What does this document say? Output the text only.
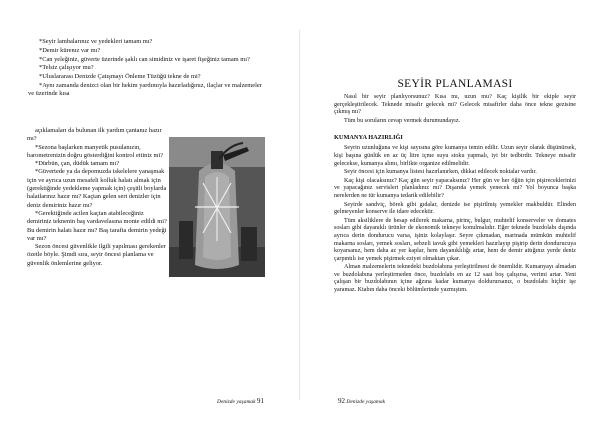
*Seyir lambalarınız ve yedekleri tamam mı?

*Demir kürenız var mı?

*Can yeleğiniz, güverte üzerinde şaklı can simidiniz ve işaret fişeğiniz tamam mı?

*Telsiz çalışıyor mu?

*Uluslararası Denizde Çatışmayı Önleme Tüzüğü tekne de mi?

*Aynı zamanda denizci olan bir hekim yardımıyla hazırladığınız, ilaçlar ve malzemeler ve üzerinde kısa

açıklamaları da bulunan ilk yardım çantanız hazır mı?

*Sezona başlarken manyetik pusulanızın, barometrenizin doğru gösterdiğini kontrol ettiniz mi?

*Dürbün, çan, düdük tamam mı?

*Güvertede ya da depomuzda iskelelere yanaşmak için ve ayrıca uzun mesafeli kolluk halatı almak için (gerektiğinde yedekleme yapmak için) çeşitli boylarda halatlarınız hazır mı? Kaçtan gelen sert denizler için deniz demiriniz hazır mı?

*Gerektiğinde acilen kaçtan atabileceğiniz demiriniz teknenin baş vardavelasına monte edildi mi? Bu demirin halatı hazır mı? Baş tarafta demirin yedeği var mı?

Sezon öncesi güvenlikle ilgili yapılması gerekenler özetle böyle. Şimdi sıra, seyir öncesi planlama ve güvenlik önlemlerine geliyor.

Denizde yaşamak 91
SEYİR PLANLAMASI

Nasıl bir seyir planlıyorsunuz? Kısa mı, uzun mu? Kaç kişilik bir ekiple seyir gerçekleştirilecek. Teknede misafir gelecek mi? Gelecek misafirler daha önce tekne gezisine çıkmış mı?

Tüm bu soruların cevap vermek durumundayız.

KUMANYA HAZIRLIĞI

Seyrin uzunluğuna ve kişi sayısına göre kumanya temin edilir. Uzun seyir olarak düşünürsek, kişi başına günlük en az üç litre içme suyu stoku yapmalı, iyi bir tedbirdir. Tekneye misafir gelecekse, kumanya alımı, birlikte organize edilmelidir.

Seyir öncesi için kumanya listesi hazırlanırken, dikkat edilecek noktalar vardır.

Kaç kişi olacaksınız? Kaç gün seyir yapacaksınız? Her gün ve her öğün için pişireceklerinizi ve yapacağınız servisleri planladınız mı? Dışarıda yemek yenecek mi? Yol boyunca başka nerelerden ne tür kumanya tedarik edilebilir?

Seyirde sandviç, börek gibi gıdalar, denizde ise pişirilmiş yemekler makbuldür. Elinden gelmeyenler konserve ile idare edecektir.

Tüm aksiliklere de hesap edilerek makarna, pirinç, bulgur, muhtelif konserveler ve domates sosları gibi dayanıklı ürünler de ekonomik tekneye konulmalıdır. Eğer teknede buzdolabı dışında ayrıca derin dondurucu varsa, işiniz kolaylaşır. Seyre çıkmadan, marinada mümkün muhtelif makarna sosları, yemek sosları, sebzeli tavuk gibi yemekleri hazırlayıp pişirip derin dondurucuya koyarsanız, hem daha az yer kaplar, hem dayanıklılığı artar, hem de demir attığınız yerde deniz çarpıntılı ise yemek pişirmek eziyet olmaktan çıkar.

Alman malzemelerin teknedeki buzdolabına yerleştirilmesi de önemlidir. Kumanyayı almadan ve buzdolabına yerleştirmeden önce, buzdolabı en az 12 saat boş çalışırsa, verimi artar. Yeni çalışan bir buzdolabının içine ağzına kadar kumanya doldurursanız, o buzdolabı hiçbir işe yaramaz. Ktabın daha önceki bölümlerinde yazmıştım.

92 Denizde yaşamak
